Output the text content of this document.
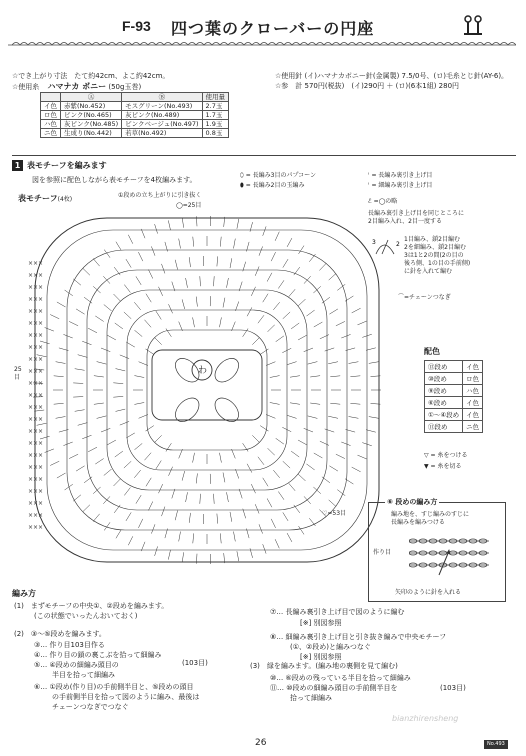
F-93 四つ葉のクローバーの円座
☆でき上がり寸法　たて約42cm、よこ約42cm。
☆使用糸 ハマナカ ボニー (50g玉巻)
	Ⓐ	Ⓑ	使用量
イ色	赤紫(No.452)	モスグリーン(No.493)	2.7玉
ロ色	ピンク(No.465)	灰ピンク(No.489)	1.7玉
ハ色	灰ピンク(No.485)	ピンクベージュ(No.497)	1.9玉
ニ色	生成り(No.442)	若草(No.492)	0.8玉
☆使用針 (イ)ハマナカボニー針(金属製) 7.5/0号、(ロ)毛糸とじ針(AY-6)。
☆参　計 570円(税抜)　(イ)290円 ＋ (ロ)(6本1組) 280円
1 表モチーフを編みます
図を参照に配色しながら表モチーフを4枚編みます。
表モチーフ(4枚)
①段めの立ち上がりに引き抜く
◯=25目
♡=53目
25目
×××
×××
×××
×××
×××
×××
×××
×××
×××
×××
×××
×××
×××
×××
×××
×××
×××
×××
×××
×××
×××
×××
×××
わ
⬯ = 長編み3目のパプコーン
⬮ = 長編み2目の玉編み
ꜝ = 長編み裏引き上げ目
ꜝ = 細編み裏引き上げ目
ℰ =◯の略
長編み裏引き上げ目を同じところに
2目編み入れ、2目一度する
3	2
1目編み、鎖2目編む
2を細編み、鎖2目編む
3は1と2の間(2の目の
後ろ側、1の目の手前側)
に針を入れて編む
⌒=チェーンつなぎ
配色
⑬段め	イ色
⑩段め	ロ色
⑨段め	ハ色
⑥段め	イ色
①〜④段め	イ色
⑪段め	ニ色
▽ = 糸をつける
▼ = 糸を切る
⑥ 段めの編み方
編み地を、すじ編みのすじに
長編みを編みつける
作り目
矢印のように針を入れる
編み方
(1)　まずモチーフの中央①、②段めを編みます。
(この状態でいったんおいておく)
(2)　③〜⑤段めを編みます。
③… 作り目103目作る
④… 作り目の鎖の裏こぶを拾って細編み
⑤… ④段めの細編み頭目の
半目を拾って細編み
(103目)
⑥… ①段め(作り目)の手前側半目と、⑤段めの頭目
の手前側半目を拾って図のように編み、最後は
チェーンつなぎでつなぐ
⑦… 長編み裏引き上げ目で図のように編む
[※] 別図参照
⑧… 細編み裏引き上げ目と引き抜き編みで中央モチーフ
(①、②段め)と編みつなぐ
[※] 別図参照
(3)　緑を編みます。(編み地の裏側を見て編む)
⑩… ⑥段めの残っている半目を拾って細編み
⑪… ⑩段めの細編み頭目の手前側半目を
拾って細編み
(103目)
26	No.493
bianzhirensheng
